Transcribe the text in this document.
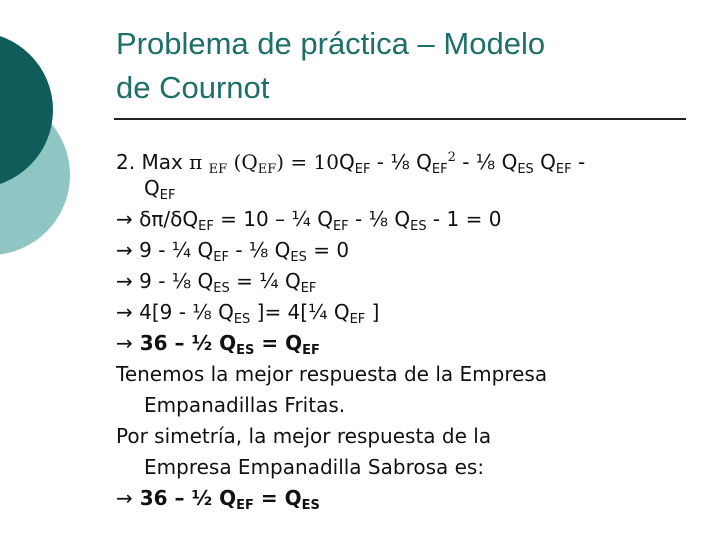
Problema de práctica – Modelo
de Cournot
2. Max π $_{EF}$ $(Q_{EF}) = 10Q_{EF}$ - ⅛ $Q_{EF}^2$ - ⅛ $Q_{ES}$ $Q_{EF}$ -
$Q_{EF}$
→ $\delta\pi/\delta Q_{EF} = 10$ – ¼ $Q_{EF}$ - ⅛ $Q_{ES} - 1 = 0$
→ 9 - ¼ $Q_{EF}$ - ⅛ $Q_{ES} = 0$
→ 9 - ⅛ $Q_{ES}$ = ¼ $Q_{EF}$
→ 4[9 - ⅛ $Q_{ES}$ ]= 4[¼ $Q_{EF}$ ]
→ 36 – ½ $Q_{ES} = Q_{EF}$
Tenemos la mejor respuesta de la Empresa
Empanadillas Fritas.
Por simetría, la mejor respuesta de la
Empresa Empanadilla Sabrosa es:
→ 36 – ½ $Q_{EF} = Q_{ES}$
